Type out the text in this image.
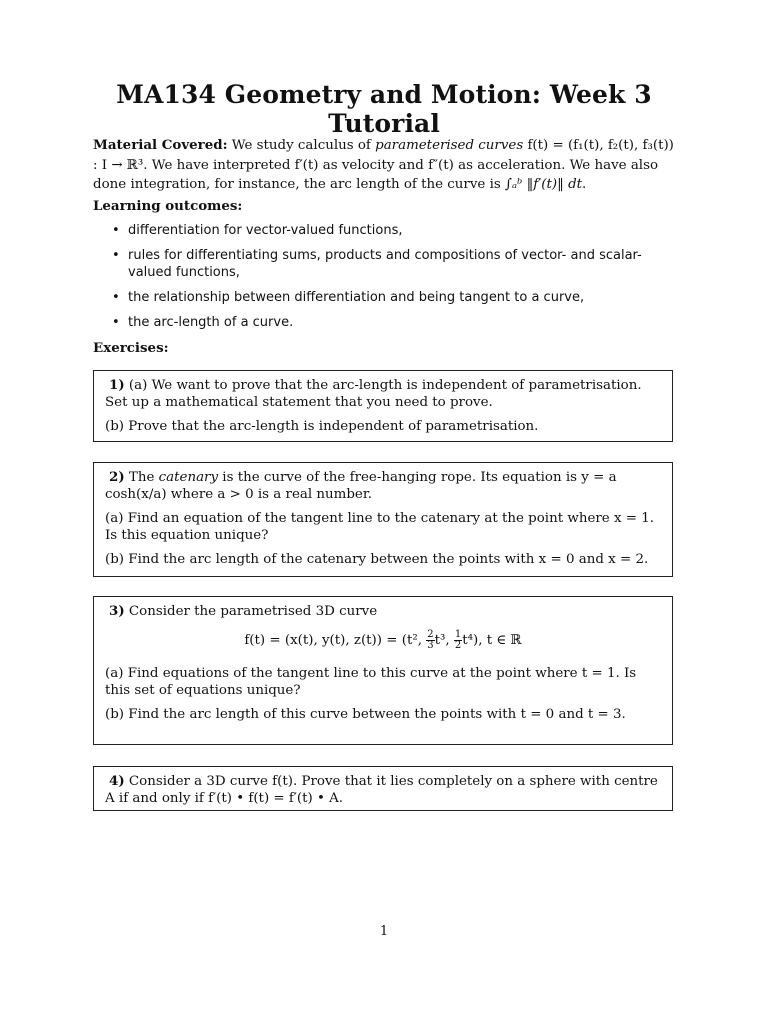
MA134 Geometry and Motion: Week 3 Tutorial

Material Covered: We study calculus of parameterised curves f(t) = (f₁(t), f₂(t), f₃(t)) : I → ℝ³. We have interpreted f′(t) as velocity and f″(t) as acceleration. We have also done integration, for instance, the arc length of the curve is ∫ₐᵇ ‖f′(t)‖ dt.

Learning outcomes:
• differentiation for vector-valued functions,
• rules for differentiating sums, products and compositions of vector- and scalar-valued functions,
• the relationship between differentiation and being tangent to a curve,
• the arc-length of a curve.
Exercises:

1) (a) We want to prove that the arc-length is independent of parametrisation. Set up a mathematical statement that you need to prove.

(b) Prove that the arc-length is independent of parametrisation.

2) The catenary is the curve of the free-hanging rope. Its equation is y = a cosh(x/a) where a > 0 is a real number.

(a) Find an equation of the tangent line to the catenary at the point where x = 1. Is this equation unique?

(b) Find the arc length of the catenary between the points with x = 0 and x = 2.

3) Consider the parametrised 3D curve

f(t) = (x(t), y(t), z(t)) = (t², $\frac{2}{3} t^3$, $\frac{1}{2} t^4$), t ∈ ℝ

(a) Find equations of the tangent line to this curve at the point where t = 1. Is this set of equations unique?

(b) Find the arc length of this curve between the points with t = 0 and t = 3.

4) Consider a 3D curve f(t). Prove that it lies completely on a sphere with centre A if and only if f′(t) • f(t) = f′(t) • A.

1
